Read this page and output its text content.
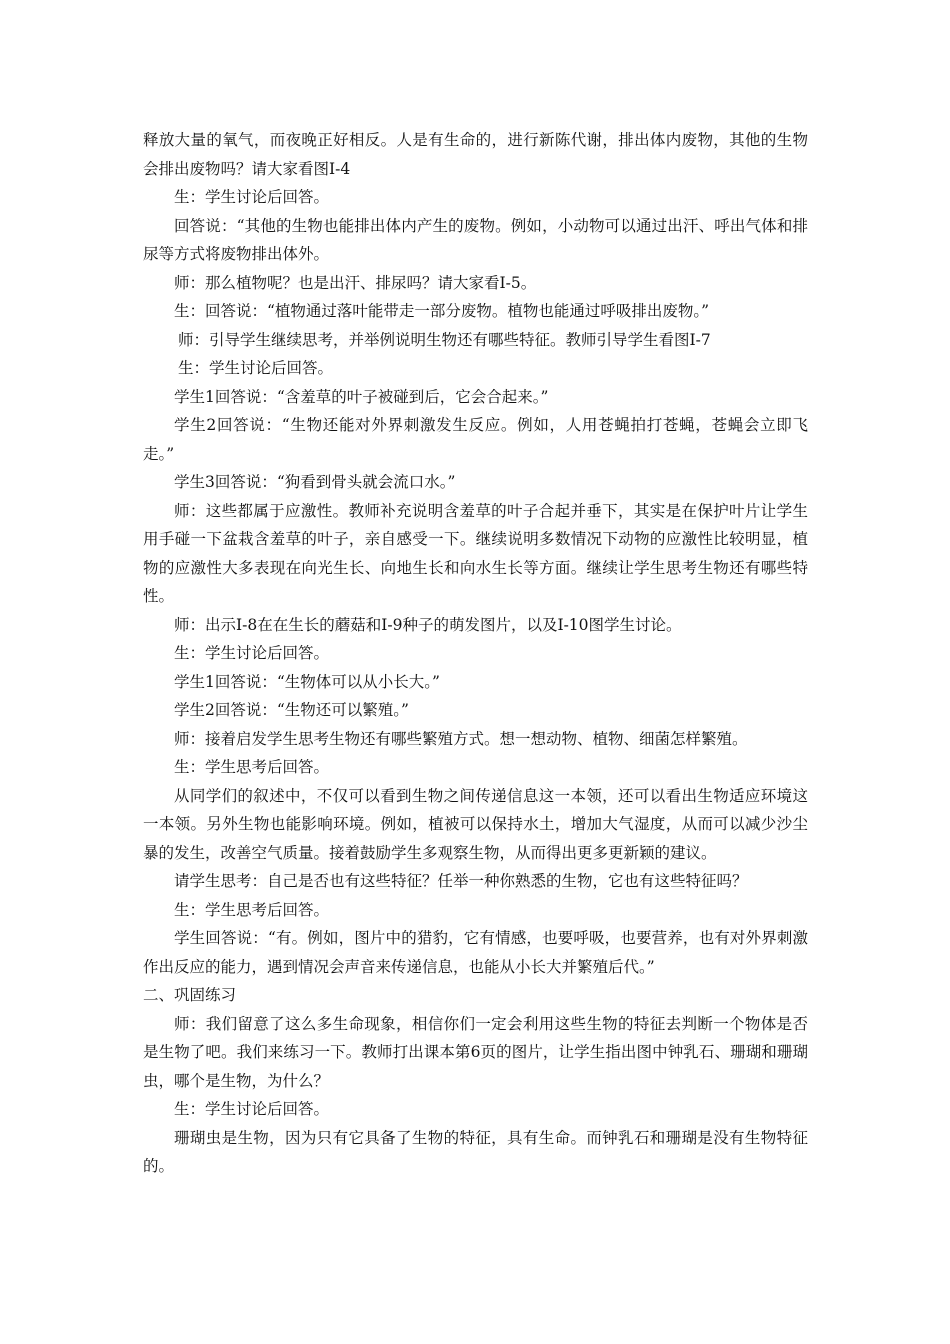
释放大量的氧气，而夜晚正好相反。人是有生命的，进行新陈代谢，排出体内废物，其他的生物会排出废物吗？请大家看图I-4

生：学生讨论后回答。

回答说：“其他的生物也能排出体内产生的废物。例如，小动物可以通过出汗、呼出气体和排尿等方式将废物排出体外。

师：那么植物呢？也是出汗、排尿吗？请大家看I-5。

生：回答说：“植物通过落叶能带走一部分废物。植物也能通过呼吸排出废物。”

师：引导学生继续思考，并举例说明生物还有哪些特征。教师引导学生看图I-7

生：学生讨论后回答。

学生1回答说：“含羞草的叶子被碰到后，它会合起来。”

学生2回答说：“生物还能对外界刺激发生反应。例如，人用苍蝇拍打苍蝇，苍蝇会立即飞走。”

学生3回答说：“狗看到骨头就会流口水。”

师：这些都属于应激性。教师补充说明含羞草的叶子合起并垂下，其实是在保护叶片让学生用手碰一下盆栽含羞草的叶子，亲自感受一下。继续说明多数情况下动物的应激性比较明显，植物的应激性大多表现在向光生长、向地生长和向水生长等方面。继续让学生思考生物还有哪些特性。

师：出示I-8在在生长的蘑菇和I-9种子的萌发图片，以及I-10图学生讨论。

生：学生讨论后回答。

学生1回答说：“生物体可以从小长大。”

学生2回答说：“生物还可以繁殖。”

师：接着启发学生思考生物还有哪些繁殖方式。想一想动物、植物、细菌怎样繁殖。

生：学生思考后回答。

从同学们的叙述中，不仅可以看到生物之间传递信息这一本领，还可以看出生物适应环境这一本领。另外生物也能影响环境。例如，植被可以保持水土，增加大气湿度，从而可以减少沙尘暴的发生，改善空气质量。接着鼓励学生多观察生物，从而得出更多更新颖的建议。

请学生思考：自己是否也有这些特征？任举一种你熟悉的生物，它也有这些特征吗？

生：学生思考后回答。

学生回答说：“有。例如，图片中的猎豹，它有情感，也要呼吸，也要营养，也有对外界刺激作出反应的能力，遇到情况会声音来传递信息，也能从小长大并繁殖后代。”

二、巩固练习

师：我们留意了这么多生命现象，相信你们一定会利用这些生物的特征去判断一个物体是否是生物了吧。我们来练习一下。教师打出课本第6页的图片，让学生指出图中钟乳石、珊瑚和珊瑚虫，哪个是生物，为什么？

生：学生讨论后回答。

珊瑚虫是生物，因为只有它具备了生物的特征，具有生命。而钟乳石和珊瑚是没有生物特征的。
